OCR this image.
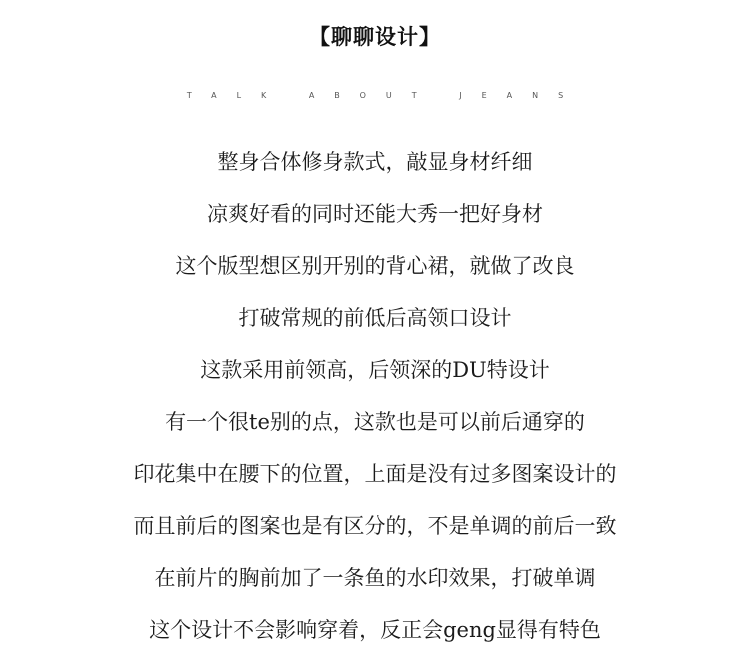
【聊聊设计】
TALK ABOUT JEANS
整身合体修身款式，敲显身材纤细
凉爽好看的同时还能大秀一把好身材
这个版型想区别开别的背心裙，就做了改良
打破常规的前低后高领口设计
这款采用前领高，后领深的DU特设计
有一个很te别的点，这款也是可以前后通穿的
印花集中在腰下的位置，上面是没有过多图案设计的
而且前后的图案也是有区分的，不是单调的前后一致
在前片的胸前加了一条鱼的水印效果，打破单调
这个设计不会影响穿着，反正会geng显得有特色
